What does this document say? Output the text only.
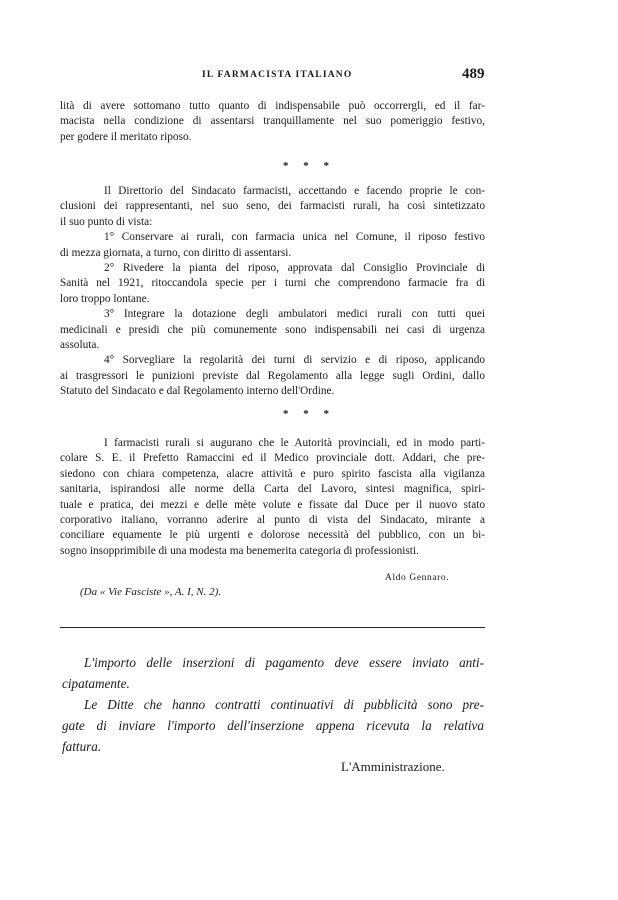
IL FARMACISTA ITALIANO	489
lità di avere sottomano tutto quanto di indispensabile può occorrergli, ed il far-
macista nella condizione di assentarsi tranquillamente nel suo pomeriggio festivo,
per godere il meritato riposo.
* * *
Il Direttorio del Sindacato farmacisti, accettando e facendo proprie le con-
clusioni dei rappresentanti, nel suo seno, dei farmacisti rurali, ha così sintetizzato
il suo punto di vista:
1° Conservare ai rurali, con farmacia unica nel Comune, il riposo festivo
di mezza giornata, a turno, con diritto di assentarsi.
2° Rivedere la pianta del riposo, approvata dal Consiglio Provinciale di
Sanità nel 1921, ritoccandola specie per i turni che comprendono farmacie fra di
loro troppo lontane.
3° Integrare la dotazione degli ambulatori medici rurali con tutti quei
medicinali e presidi che più comunemente sono indispensabili nei casi di urgenza
assoluta.
4° Sorvegliare la regolarità dei turni di servizio e di riposo, applicando
ai trasgressori le punizioni previste dal Regolamento alla legge sugli Ordini, dallo
Statuto del Sindacato e dal Regolamento interno dell'Ordine.
* * *
I farmacisti rurali si augurano che le Autorità provinciali, ed in modo parti-
colare S. E. il Prefetto Ramaccini ed il Medico provinciale dott. Addari, che pre-
siedono con chiara competenza, alacre attività e puro spirito fascista alla vigilanza
sanitaria, ispirandosi alle norme della Carta del Lavoro, sintesi magnifica, spiri-
tuale e pratica, dei mezzi e delle mète volute e fissate dal Duce per il nuovo stato
corporativo italiano, vorranno aderire al punto di vista del Sindacato, mirante a
conciliare equamente le più urgenti e dolorose necessità del pubblico, con un bi-
sogno insopprimibile di una modesta ma benemerita categoria di professionisti.
Aldo Gennaro.
(Da « Vie Fasciste », A. I, N. 2).
L'importo delle inserzioni di pagamento deve essere inviato anti-
cipatamente.
Le Ditte che hanno contratti continuativi di pubblicità sono pre-
gate di inviare l'importo dell'inserzione appena ricevuta la relativa
fattura.
L'Amministrazione.
